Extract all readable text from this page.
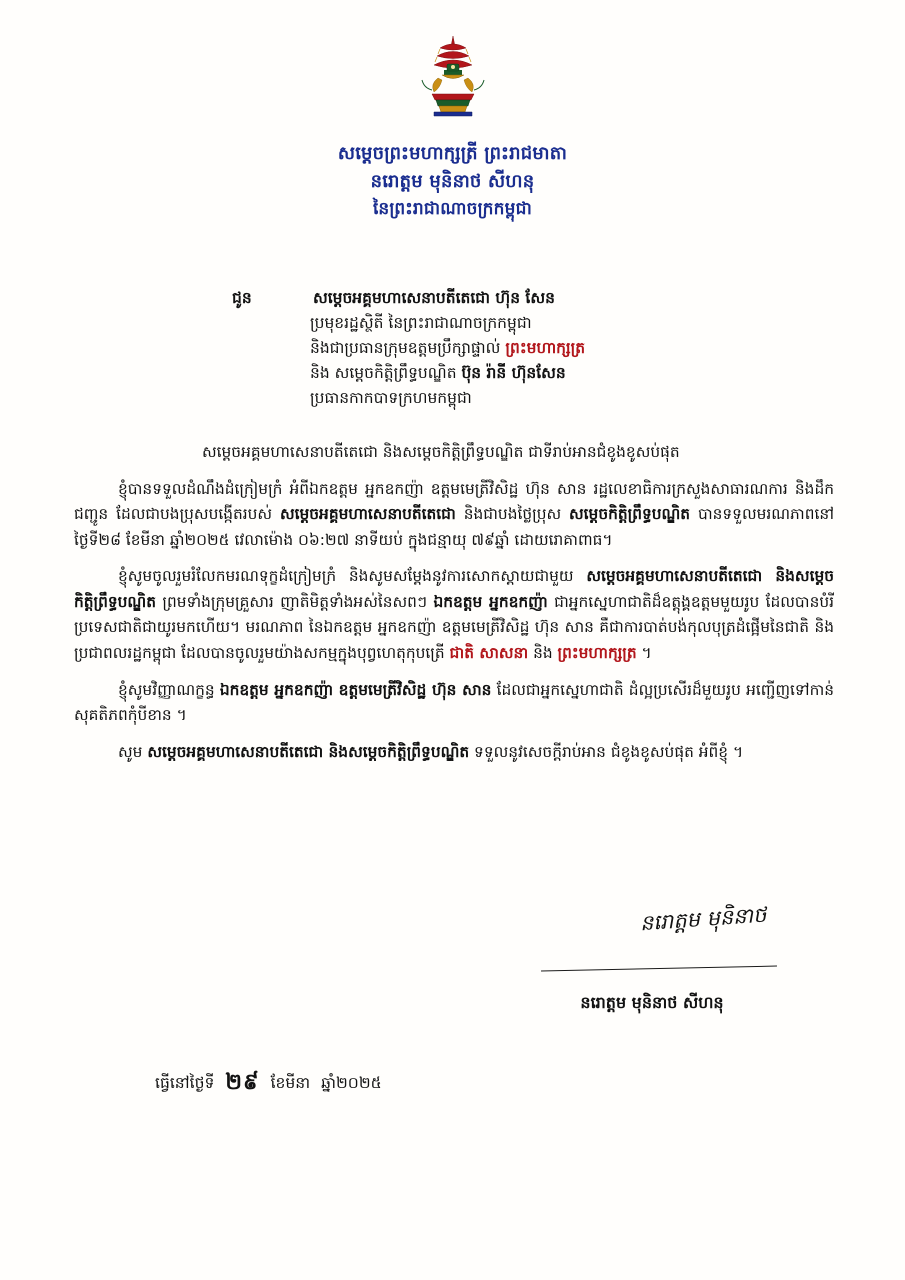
សម្តេចព្រះមហាក្សត្រី ព្រះរាជមាតា
នរោត្តម មុនិនាថ សីហនុ
នៃព្រះរាជាណាចក្រកម្ពុជា
ជូន	សម្តេចអគ្គមហាសេនាបតីតេជោ ហ៊ុន សែន
ប្រមុខរដ្ឋស្ថិតី នៃព្រះរាជាណាចក្រកម្ពុជា
និងជាប្រធានក្រុមឧត្តមប្រឹក្សាផ្ទាល់ ព្រះមហាក្សត្រ
និង សម្តេចកិត្តិព្រឹទ្ធបណ្ឌិត ប៊ុន រ៉ានី ហ៊ុនសែន
ប្រធានកាកបាទក្រហមកម្ពុជា

សម្តេចអគ្គមហាសេនាបតីតេជោ និងសម្តេចកិត្តិព្រឹទ្ធបណ្ឌិត ជាទីរាប់អានជំខូងខូសប់ផុត

ខ្ញុំបានទទួលដំណឹងដំក្រៀមក្រំ អំពីឯកឧត្តម អ្នកឧកញ៉ា ឧត្តមមេត្រីវិសិដ្ឋ ហ៊ុន សាន រដ្ឋលេខាធិការក្រសួងសាធារណការ និងដឹកជញ្ជូន ដែលជាបងប្រុសបង្កើតរបស់ សម្តេចអគ្គមហាសេនាបតីតេជោ និងជាបងថ្លៃប្រុស សម្តេចកិត្តិព្រឹទ្ធបណ្ឌិត បានទទួលមរណភាពនៅថ្ងៃទី២៨ ខែមីនា ឆ្នាំ២០២៥ វេលាម៉ោង ០៦:២៧ នាទីយប់ ក្នុងជន្មាយុ ៧៩ឆ្នាំ ដោយរោគាពាធ។

ខ្ញុំសូមចូលរួមរំលែកមរណទុក្ខដំក្រៀមក្រំ និងសូមសម្តែងនូវការសោកស្តាយជាមួយ សម្តេចអគ្គមហាសេនាបតីតេជោ និងសម្តេចកិត្តិព្រឹទ្ធបណ្ឌិត ព្រមទាំងក្រុមគ្រួសារ ញាតិមិត្តទាំងអស់នៃសពៗ ឯកឧត្តម អ្នកឧកញ៉ា ជាអ្នកស្នេហាជាតិដ៏ឧត្តុង្គឧត្តមមួយរូប ដែលបានបំរីប្រទេសជាតិជាយូរមកហើយ។ មរណភាព នៃឯកឧត្តម អ្នកឧកញ៉ា ឧត្តមមេត្រីវិសិដ្ឋ ហ៊ុន សាន គឺជាការបាត់បង់កុលបុត្រដំផ្អើមនៃជាតិ និងប្រជាពលរដ្ឋកម្ពុជា ដែលបានចូលរួមយ៉ាងសកម្មក្នុងបុព្វហេតុកុបត្រើ ជាតិ សាសនា និង ព្រះមហាក្សត្រ ។

ខ្ញុំសូមវិញ្ញាណក្ខន្ធ ឯកឧត្តម អ្នកឧកញ៉ា ឧត្តមមេត្រីវិសិដ្ឋ ហ៊ុន សាន ដែលជាអ្នកស្នេហាជាតិ ដំល្អប្រសើរដ៏មួយរូប អញ្ជើញទៅកាន់សុគតិភពកុំបីខាន ។

សូម សម្តេចអគ្គមហាសេនាបតីតេជោ និងសម្តេចកិត្តិព្រឹទ្ធបណ្ឌិត ទទួលនូវសេចក្តីរាប់អាន ជំខូងខូសប់ផុត អំពីខ្ញុំ ។

នរោត្តម មុនិនាថ
នរោត្តម មុនិនាថ សីហនុ
ធ្វើនៅថ្ងៃទី ២៩ ខែមីនា ឆ្នាំ២០២៥
